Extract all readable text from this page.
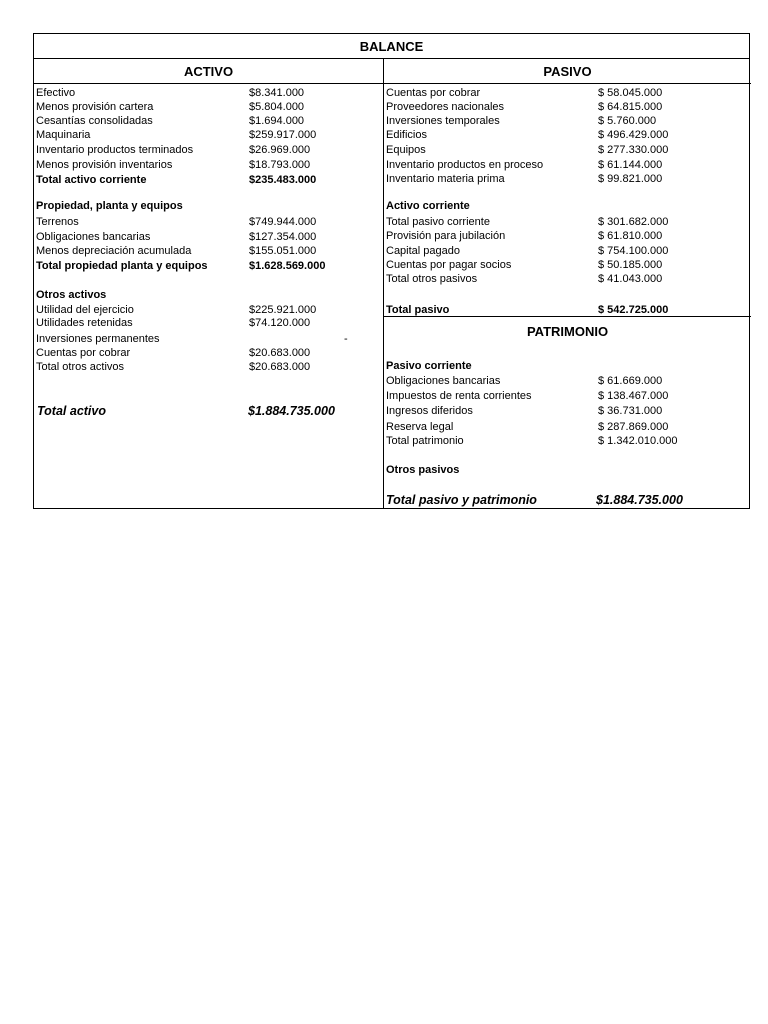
BALANCE
ACTIVO	PASIVO
Efectivo	$8.341.000
Menos provisión cartera	$5.804.000
Cesantías consolidadas	$1.694.000
Maquinaria	$259.917.000
Inventario productos terminados	$26.969.000
Menos provisión inventarios	$18.793.000
Total activo corriente	$235.483.000
Propiedad, planta y equipos
Terrenos	$749.944.000
Obligaciones bancarias	$127.354.000
Menos depreciación acumulada	$155.051.000
Total propiedad planta y equipos	$1.628.569.000
Otros activos
Utilidad del ejercicio	$225.921.000
Utilidades retenidas	$74.120.000
Inversiones permanentes	-
Cuentas por cobrar	$20.683.000
Total otros activos	$20.683.000
Total activo	$1.884.735.000
Cuentas por cobrar	$ 58.045.000
Proveedores nacionales	$ 64.815.000
Inversiones temporales	$ 5.760.000
Edificios	$ 496.429.000
Equipos	$ 277.330.000
Inventario productos en proceso	$ 61.144.000
Inventario materia prima	$ 99.821.000
Activo corriente
Total pasivo corriente	$ 301.682.000
Provisión para jubilación	$ 61.810.000
Capital pagado	$ 754.100.000
Cuentas por pagar socios	$ 50.185.000
Total otros pasivos	$ 41.043.000
Total pasivo	$ 542.725.000
PATRIMONIO
Pasivo corriente
Obligaciones bancarias	$ 61.669.000
Impuestos de renta corrientes	$ 138.467.000
Ingresos diferidos	$ 36.731.000
Reserva legal	$ 287.869.000
Total patrimonio	$ 1.342.010.000
Otros pasivos
Total pasivo y patrimonio	$1.884.735.000
